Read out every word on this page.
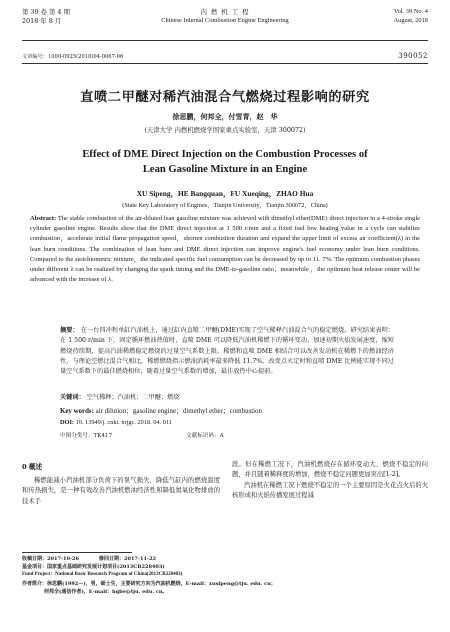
第 39 卷 第 4 期
2018 年 8 月
内 燃 机 工 程
Chinese Internal Combustion Engine Engineering
Vol. 39 No. 4
August, 2018
文章编号：1000-0925(2018)04-0067-06	390052
直喷二甲醚对稀汽油混合气燃烧过程影响的研究
徐思鹏，何邦全，付雪青，赵　华
(天津大学 内燃机燃烧学国家重点实验室，天津 300072)
Effect of DME Direct Injection on the Combustion Processes of
Lean Gasoline Mixture in an Engine
XU Sipeng，HE Bangquan，FU Xueqing，ZHAO Hua
(State Key Laboratory of Engines，Tianjin University，Tianjin 300072，China)
Abstract: The stable combustion of the air-diluted lean gasoline mixture was achieved with dimethyl ether(DME) direct injection in a 4-stroke single cylinder gasoline engine. Results show that the DME direct injection at 1 500 r/min and a fixed fuel low heating value in a cycle can stabilize combustion，accelerate initial flame propagation speed，shorten combustion duration and expand the upper limit of excess air coefficient(λ) in the lean burn conditions. The combination of lean burn and DME direct injection can improve engine's fuel economy under lean burn conditions. Compared to the stoichiometric mixture，the indicated specific fuel consumption can be decreased by up to 11. 7%. The optimum combustion phases under different λ can be realized by changing the spark timing and the DME-to-gasoline ratio；meanwhile ，the optimum heat release center will be advanced with the increase of λ.
摘要： 在一台四冲程单缸汽油机上，通过缸内直喷二甲醚(DME)实现了空气稀释汽油混合气的稳定燃烧。研究结果表明：在 1 500 r/min 下，固定循环燃油热值时，直喷 DME 可以降低汽油机稀燃下的循环变动，加速初期火焰发展速度，缩短燃烧持续期，提高汽油稀燃稳定燃烧的过量空气系数上限。稀燃和直喷 DME 相结合可以改善发动机在稀燃下的燃油经济性，与理论空燃比混合气相比，稀燃燃烧指示燃油消耗率最多降低 11.7%。改变点火定时和直喷 DME 比例能实现不同过量空气系数下的最佳燃烧相位，随着过量空气系数的增加，最佳放热中心提前。
关键词： 空气稀释；汽油机；二甲醚；燃烧
Key words: air dilution；gasoline engine；dimethyl ether；combustion
DOI: 10. 13949/j. cnki. nrjgc. 2018. 04. 011
中图分类号：TK417	文献标识码：A
0 概述
稀燃能减小汽油机部分负荷下的泵气损失，降低气缸内的燃烧温度和传热损失，是一种有效改善汽油机燃油经济性和降低氮氧化物排放的技术手
段。但在稀燃工况下，汽油机燃烧存在循环变动大、燃烧不稳定的问题，并且随着稀释度的增加，燃烧不稳定问题更加突出[1-2]。
汽油机在稀燃工况下燃烧不稳定的一个主要原因是火花点火后的火核形成和火焰传播发展过程减
收稿日期：2017-10-26　　　　修回日期：2017-11-22
基金项目：国家重点基础研究发展计划项目(2013CB228403)
Fund Project：National Basic Research Program of China(2013CB228403)
作者简介：徐思鹏(1992—)，男，硕士生，主要研究方向为汽油机燃烧，E-mail：xusipeng@tju. edu. cn；
何邦全(通信作者)，E-mail：hqbe@tju. edu. cn。
